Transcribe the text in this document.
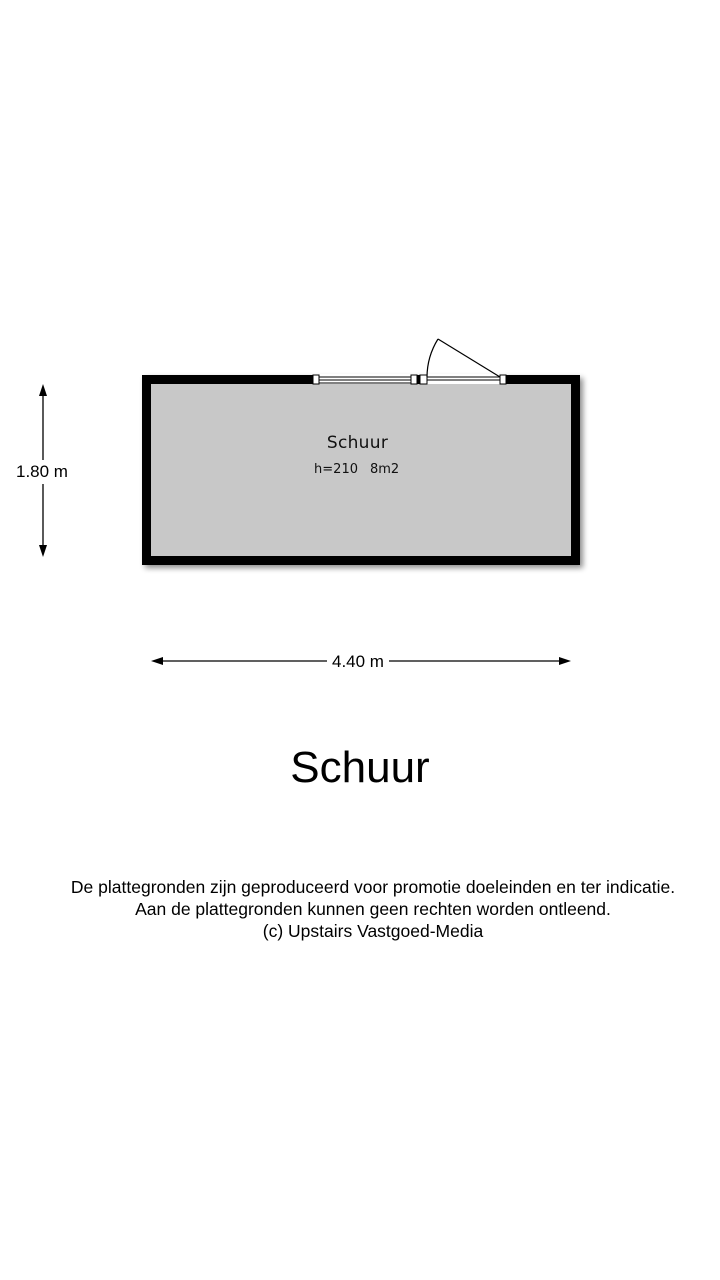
Schuur
h=210 8m2
1.80 m
4.40 m
Schuur
De plattegronden zijn geproduceerd voor promotie doeleinden en ter indicatie.
Aan de plattegronden kunnen geen rechten worden ontleend.
(c) Upstairs Vastgoed-Media
